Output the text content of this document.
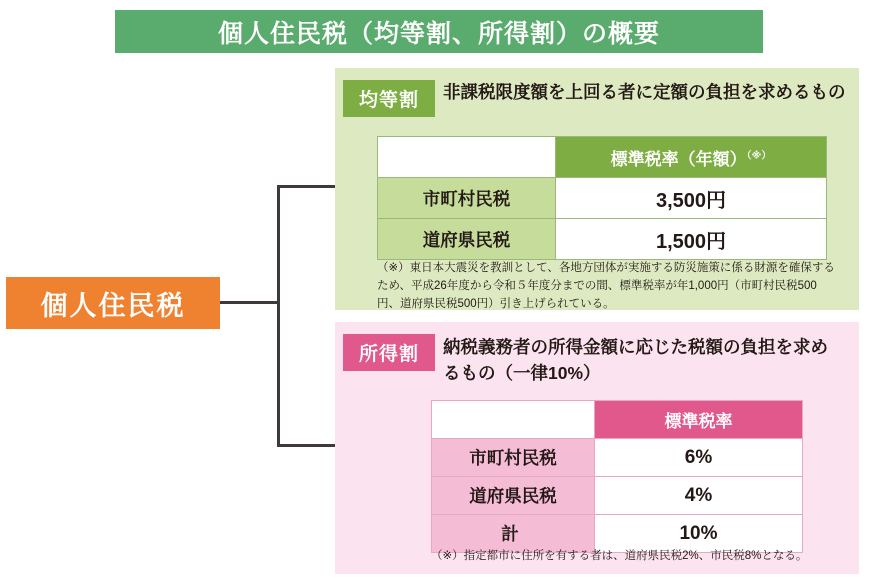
個人住民税（均等割、所得割）の概要
個人住民税
均等割 非課税限度額を上回る者に定額の負担を求めるもの
	標準税率（年額）（※）
市町村民税	3,500円
道府県民税	1,500円
（※）東日本大震災を教訓として、各地方団体が実施する防災施策に係る財源を確保するため、平成26年度から令和５年度分までの間、標準税率が年1,000円（市町村民税500円、道府県民税500円）引き上げられている。
所得割 納税義務者の所得金額に応じた税額の負担を求めるもの（一律10%）
	標準税率
市町村民税	6%
道府県民税	4%
計	10%
（※）指定都市に住所を有する者は、道府県民税2%、市民税8%となる。
